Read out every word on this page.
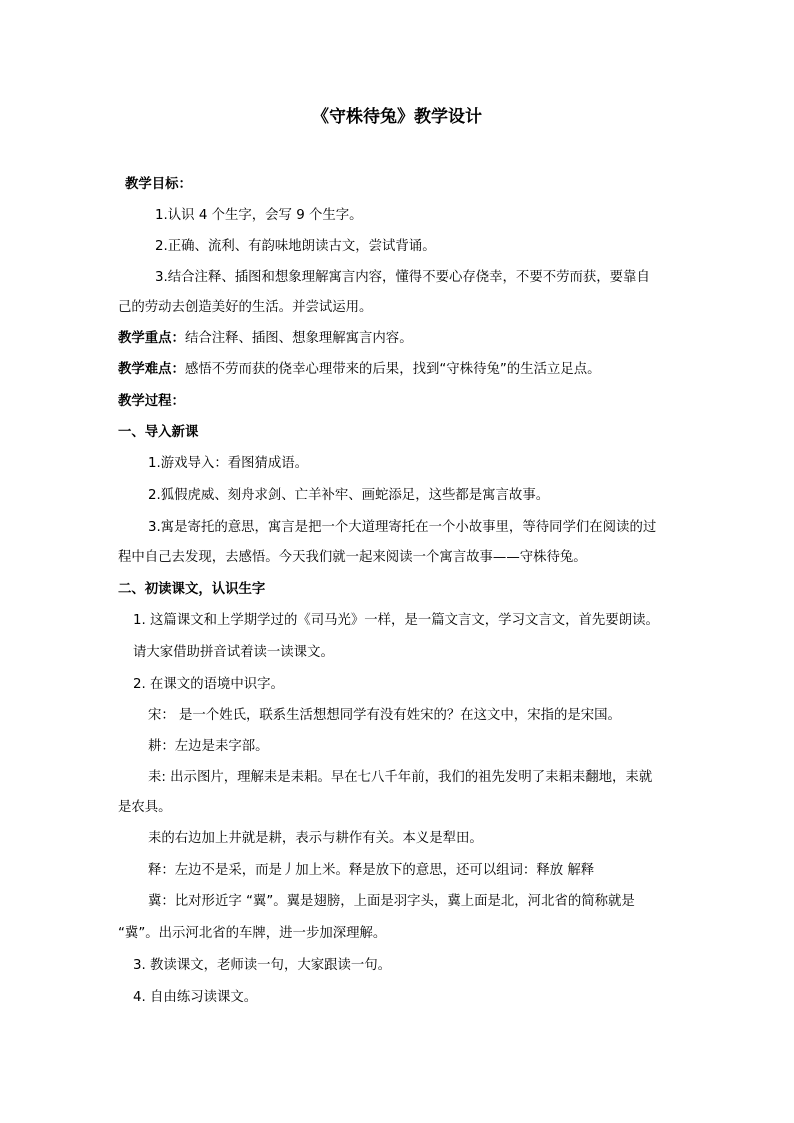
《守株待兔》教学设计
教学目标：
1.认识 4 个生字，会写 9 个生字。
2.正确、流利、有韵味地朗读古文，尝试背诵。
3.结合注释、插图和想象理解寓言内容，懂得不要心存侥幸，不要不劳而获，要靠自
己的劳动去创造美好的生活。并尝试运用。
教学重点：结合注释、插图、想象理解寓言内容。
教学难点：感悟不劳而获的侥幸心理带来的后果，找到“守株待兔”的生活立足点。
教学过程：
一、导入新课
1.游戏导入：看图猜成语。
2.狐假虎威、刻舟求剑、亡羊补牢、画蛇添足，这些都是寓言故事。
3.寓是寄托的意思，寓言是把一个大道理寄托在一个小故事里，等待同学们在阅读的过
程中自己去发现，去感悟。今天我们就一起来阅读一个寓言故事——守株待兔。
二、初读课文，认识生字
1. 这篇课文和上学期学过的《司马光》一样，是一篇文言文，学习文言文，首先要朗读。
请大家借助拼音试着读一读课文。
2. 在课文的语境中识字。
宋： 是一个姓氏，联系生活想想同学有没有姓宋的？在这文中，宋指的是宋国。
耕：左边是耒字部。
耒: 出示图片，理解耒是耒耜。早在七八千年前，我们的祖先发明了耒耜耒翻地，耒就
是农具。
耒的右边加上井就是耕，表示与耕作有关。本义是犁田。
释：左边不是采，而是丿加上米。释是放下的意思，还可以组词：释放 解释
冀：比对形近字 “翼”。翼是翅膀，上面是羽字头，冀上面是北，河北省的简称就是
“冀”。出示河北省的车牌，进一步加深理解。
3. 教读课文，老师读一句，大家跟读一句。
4. 自由练习读课文。
